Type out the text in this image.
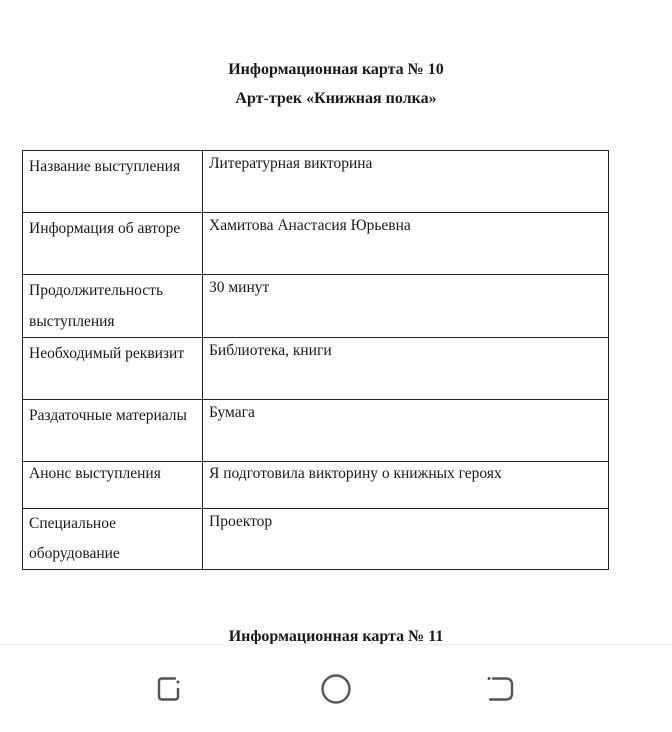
Информационная карта № 10
Арт-трек «Книжная полка»
Название выступления	Литературная викторина
Информация об авторе	Хамитова Анастасия Юрьевна
Продолжительность выступления	30 минут
Необходимый реквизит	Библиотека, книги
Раздаточные материалы	Бумага
Анонс выступления	Я подготовила викторину о книжных героях
Специальное оборудование	Проектор
Информационная карта № 11
